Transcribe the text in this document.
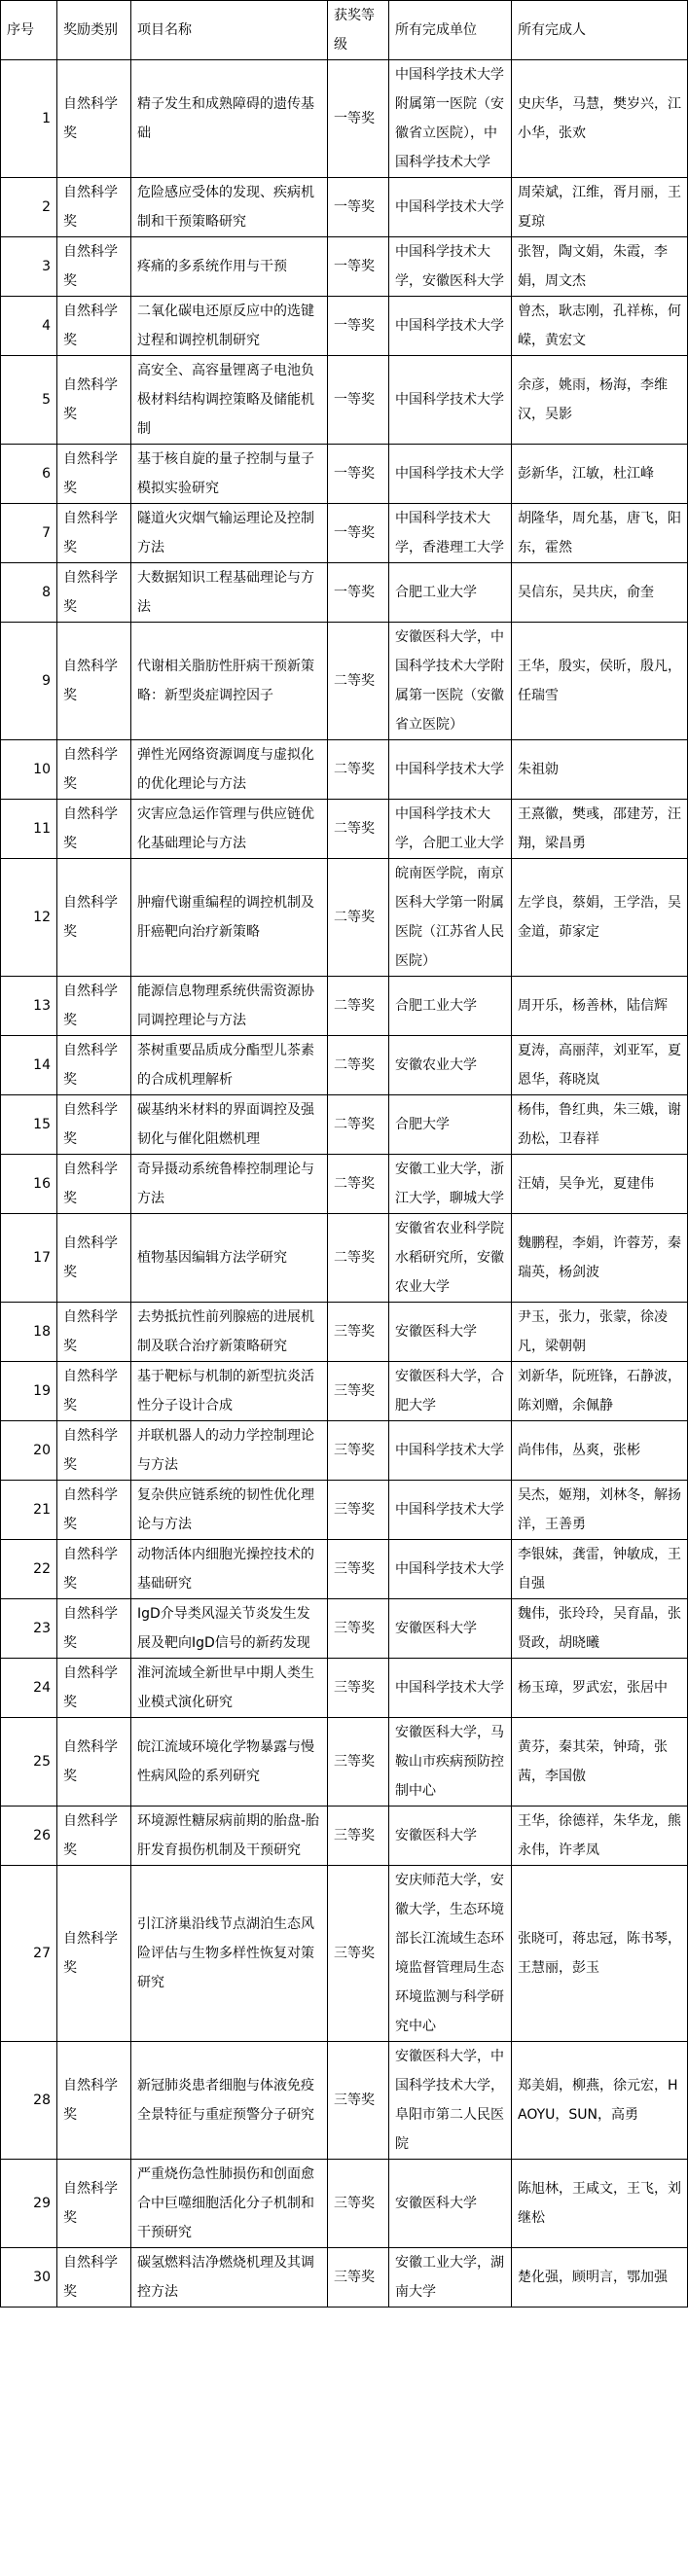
序号	奖励类别	项目名称	获奖等级	所有完成单位	所有完成人
1	自然科学奖	精子发生和成熟障碍的遗传基础	一等奖	中国科学技术大学附属第一医院（安徽省立医院），中国科学技术大学	史庆华，马慧，樊岁兴，江小华，张欢
2	自然科学奖	危险感应受体的发现、疾病机制和干预策略研究	一等奖	中国科学技术大学	周荣斌，江维，胥月丽，王夏琼
3	自然科学奖	疼痛的多系统作用与干预	一等奖	中国科学技术大学，安徽医科大学	张智，陶文娟，朱霞，李娟，周文杰
4	自然科学奖	二氧化碳电还原反应中的选键过程和调控机制研究	一等奖	中国科学技术大学	曾杰，耿志刚，孔祥栋，何嵘，黄宏文
5	自然科学奖	高安全、高容量锂离子电池负极材料结构调控策略及储能机制	一等奖	中国科学技术大学	余彦，姚雨，杨海，李维汉，吴影
6	自然科学奖	基于核自旋的量子控制与量子模拟实验研究	一等奖	中国科学技术大学	彭新华，江敏，杜江峰
7	自然科学奖	隧道火灾烟气输运理论及控制方法	一等奖	中国科学技术大学，香港理工大学	胡隆华，周允基，唐飞，阳东，霍然
8	自然科学奖	大数据知识工程基础理论与方法	一等奖	合肥工业大学	吴信东，吴共庆，俞奎
9	自然科学奖	代谢相关脂肪性肝病干预新策略：新型炎症调控因子	二等奖	安徽医科大学，中国科学技术大学附属第一医院（安徽省立医院）	王华，殷实，侯昕，殷凡，任瑞雪
10	自然科学奖	弹性光网络资源调度与虚拟化的优化理论与方法	二等奖	中国科学技术大学	朱祖勍
11	自然科学奖	灾害应急运作管理与供应链优化基础理论与方法	二等奖	中国科学技术大学，合肥工业大学	王熹徽，樊彧，邵建芳，汪翔，梁昌勇
12	自然科学奖	肿瘤代谢重编程的调控机制及肝癌靶向治疗新策略	二等奖	皖南医学院，南京医科大学第一附属医院（江苏省人民医院）	左学良，蔡娟，王学浩，吴金道，茆家定
13	自然科学奖	能源信息物理系统供需资源协同调控理论与方法	二等奖	合肥工业大学	周开乐，杨善林，陆信辉
14	自然科学奖	茶树重要品质成分酯型儿茶素的合成机理解析	二等奖	安徽农业大学	夏涛，高丽萍，刘亚军，夏恩华，蒋晓岚
15	自然科学奖	碳基纳米材料的界面调控及强韧化与催化阻燃机理	二等奖	合肥大学	杨伟，鲁红典，朱三娥，谢劲松，卫春祥
16	自然科学奖	奇异摄动系统鲁棒控制理论与方法	二等奖	安徽工业大学，浙江大学，聊城大学	汪婧，吴争光，夏建伟
17	自然科学奖	植物基因编辑方法学研究	二等奖	安徽省农业科学院水稻研究所，安徽农业大学	魏鹏程，李娟，许蓉芳，秦瑞英，杨剑波
18	自然科学奖	去势抵抗性前列腺癌的进展机制及联合治疗新策略研究	三等奖	安徽医科大学	尹玉，张力，张蒙，徐凌凡，梁朝朝
19	自然科学奖	基于靶标与机制的新型抗炎活性分子设计合成	三等奖	安徽医科大学，合肥大学	刘新华，阮班锋，石静波，陈刘赠，余佩静
20	自然科学奖	并联机器人的动力学控制理论与方法	三等奖	中国科学技术大学	尚伟伟，丛爽，张彬
21	自然科学奖	复杂供应链系统的韧性优化理论与方法	三等奖	中国科学技术大学	吴杰，姬翔，刘林冬，解扬洋，王善勇
22	自然科学奖	动物活体内细胞光操控技术的基础研究	三等奖	中国科学技术大学	李银妹，龚雷，钟敏成，王自强
23	自然科学奖	IgD介导类风湿关节炎发生发展及靶向IgD信号的新药发现	三等奖	安徽医科大学	魏伟，张玲玲，吴育晶，张贤政，胡晓曦
24	自然科学奖	淮河流域全新世早中期人类生业模式演化研究	三等奖	中国科学技术大学	杨玉璋，罗武宏，张居中
25	自然科学奖	皖江流域环境化学物暴露与慢性病风险的系列研究	三等奖	安徽医科大学，马鞍山市疾病预防控制中心	黄芬，秦其荣，钟琦，张茜，李国傲
26	自然科学奖	环境源性糖尿病前期的胎盘-胎肝发育损伤机制及干预研究	三等奖	安徽医科大学	王华，徐德祥，朱华龙，熊永伟，许孝凤
27	自然科学奖	引江济巢沿线节点湖泊生态风险评估与生物多样性恢复对策研究	三等奖	安庆师范大学，安徽大学，生态环境部长江流域生态环境监督管理局生态环境监测与科学研究中心	张晓可，蒋忠冠，陈书琴，王慧丽，彭玉
28	自然科学奖	新冠肺炎患者细胞与体液免疫全景特征与重症预警分子研究	三等奖	安徽医科大学，中国科学技术大学，阜阳市第二人民医院	郑美娟，柳燕，徐元宏，HAOYU，SUN，高勇
29	自然科学奖	严重烧伤急性肺损伤和创面愈合中巨噬细胞活化分子机制和干预研究	三等奖	安徽医科大学	陈旭林，王咸文，王飞，刘继松
30	自然科学奖	碳氢燃料洁净燃烧机理及其调控方法	三等奖	安徽工业大学，湖南大学	楚化强，顾明言，鄂加强
